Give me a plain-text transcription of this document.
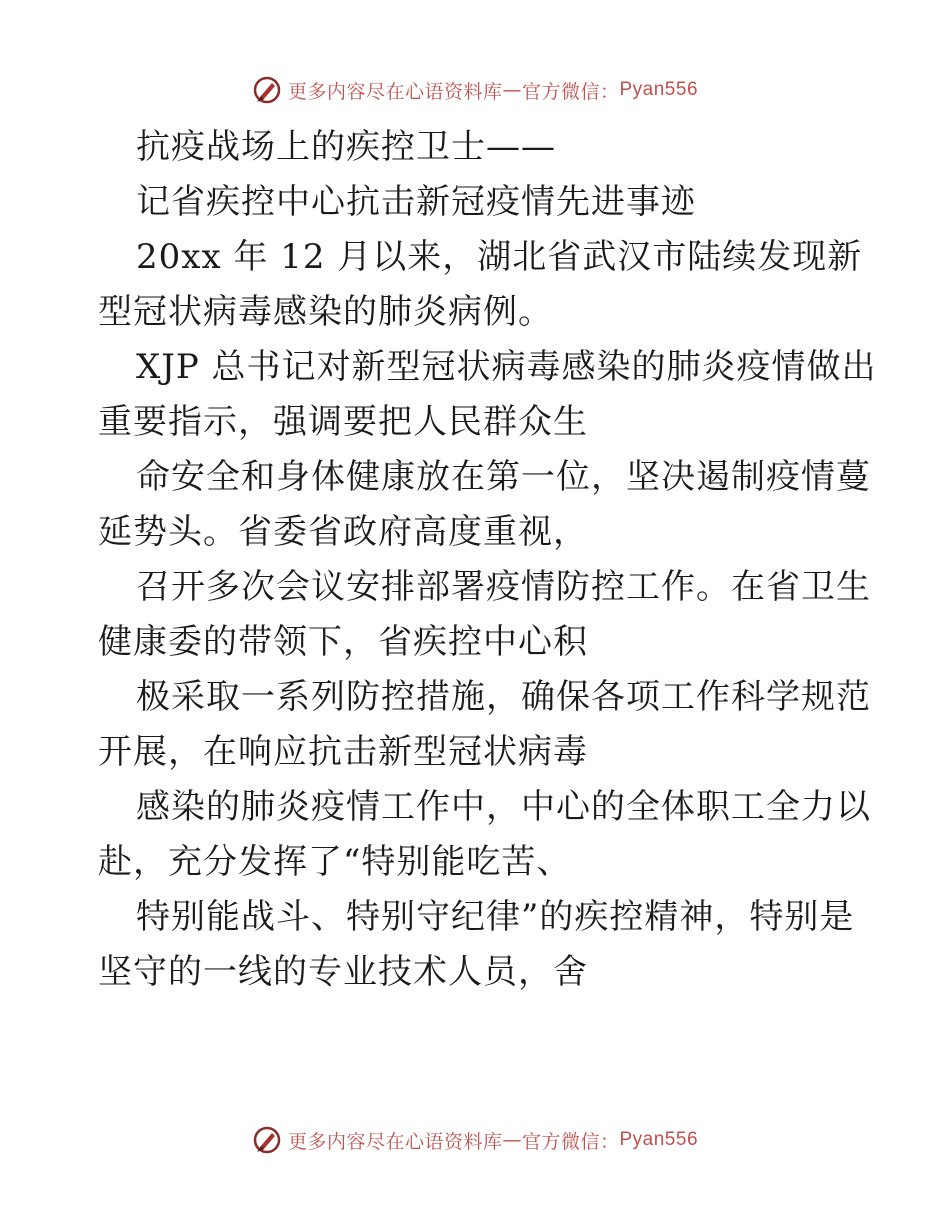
更多内容尽在心语资料库 — 官方微信： Pyan556
抗疫战场上的疾控卫士——
记省疾控中心抗击新冠疫情先进事迹
20xx 年 12 月以来，湖北省武汉市陆续发现新
型冠状病毒感染的肺炎病例。
XJP 总书记对新型冠状病毒感染的肺炎疫情做出
重要指示，强调要把人民群众生
命安全和身体健康放在第一位，坚决遏制疫情蔓
延势头。省委省政府高度重视，
召开多次会议安排部署疫情防控工作。在省卫生
健康委的带领下，省疾控中心积
极采取一系列防控措施，确保各项工作科学规范
开展，在响应抗击新型冠状病毒
感染的肺炎疫情工作中，中心的全体职工全力以
赴，充分发挥了“特别能吃苦、
特别能战斗、特别守纪律”的疾控精神，特别是
坚守的一线的专业技术人员，舍
更多内容尽在心语资料库 — 官方微信： Pyan556
